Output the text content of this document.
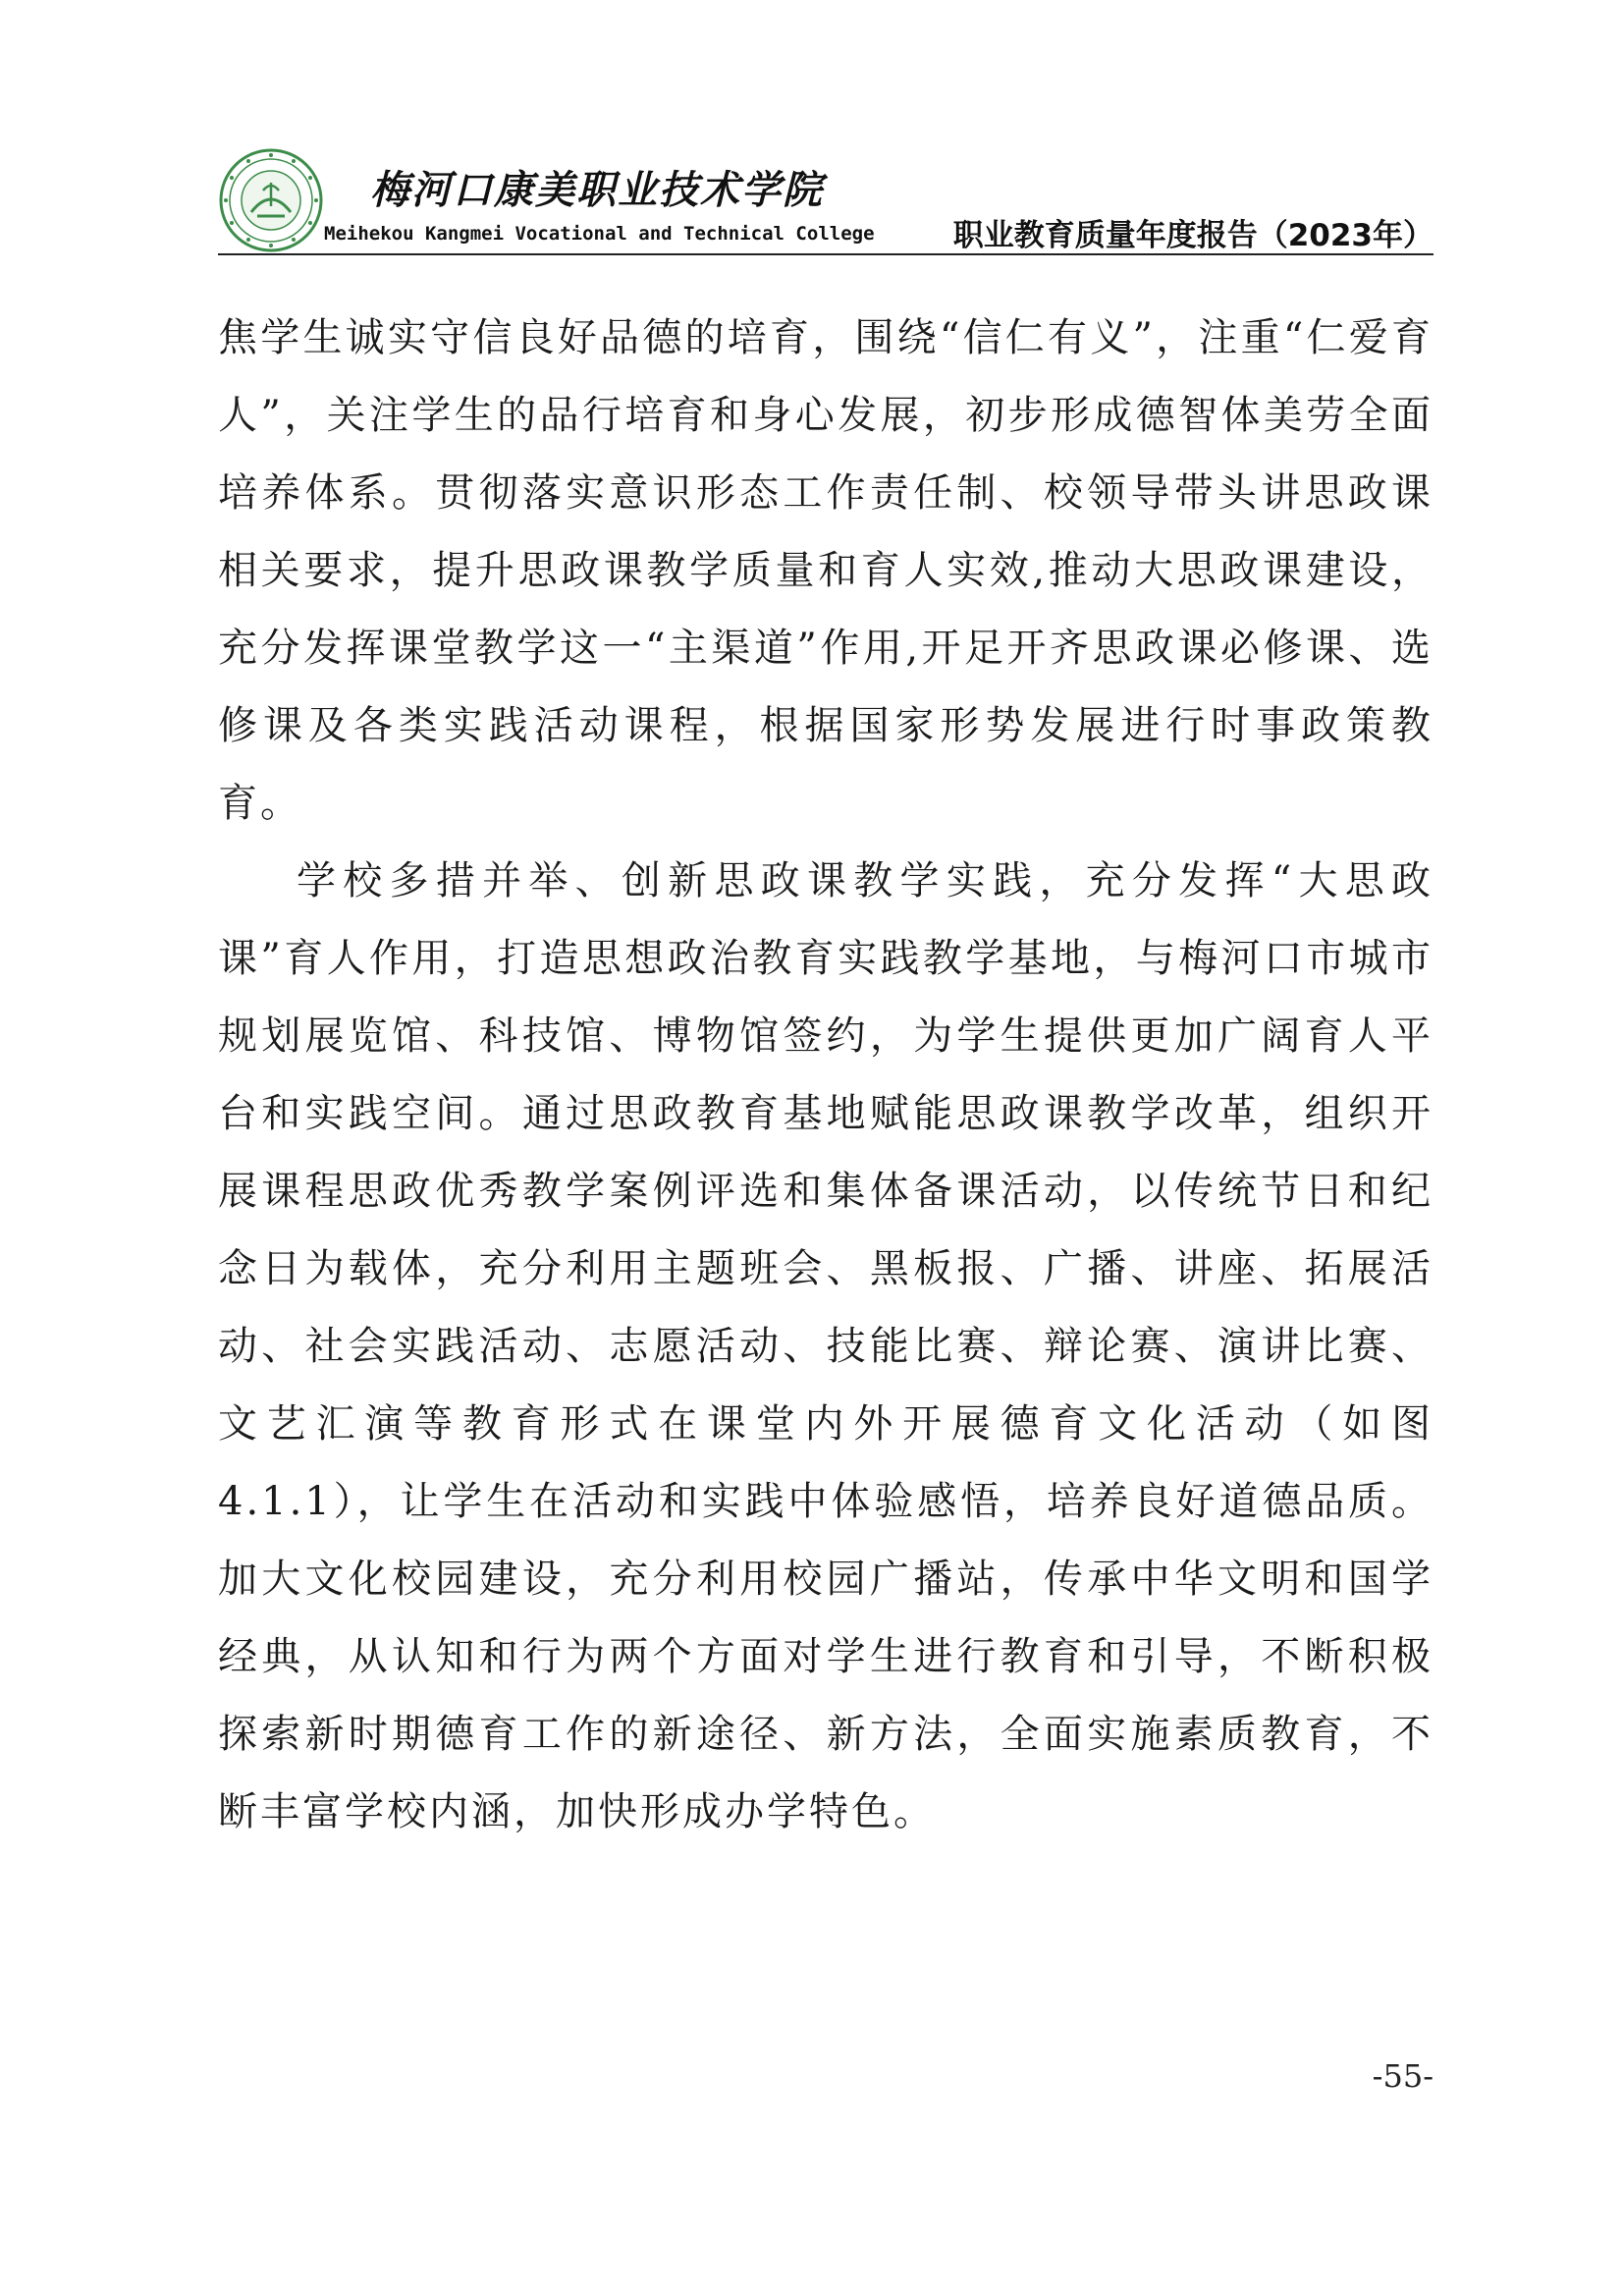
梅河口康美职业技术学院
Meihekou Kangmei Vocational and Technical College	职业教育质量年度报告（2023年）

焦学生诚实守信良好品德的培育，围绕“信仁有义”，注重“仁爱育人”，关注学生的品行培育和身心发展，初步形成德智体美劳全面培养体系。贯彻落实意识形态工作责任制、校领导带头讲思政课相关要求，提升思政课教学质量和育人实效,推动大思政课建设，充分发挥课堂教学这一“主渠道”作用,开足开齐思政课必修课、选修课及各类实践活动课程，根据国家形势发展进行时事政策教育。

学校多措并举、创新思政课教学实践，充分发挥“大思政课”育人作用，打造思想政治教育实践教学基地，与梅河口市城市规划展览馆、科技馆、博物馆签约，为学生提供更加广阔育人平台和实践空间。通过思政教育基地赋能思政课教学改革，组织开展课程思政优秀教学案例评选和集体备课活动，以传统节日和纪念日为载体，充分利用主题班会、黑板报、广播、讲座、拓展活动、社会实践活动、志愿活动、技能比赛、辩论赛、演讲比赛、文艺汇演等教育形式在课堂内外开展德育文化活动（如图 4.1.1），让学生在活动和实践中体验感悟，培养良好道德品质。加大文化校园建设，充分利用校园广播站，传承中华文明和国学经典，从认知和行为两个方面对学生进行教育和引导，不断积极探索新时期德育工作的新途径、新方法，全面实施素质教育，不断丰富学校内涵，加快形成办学特色。

-55-
